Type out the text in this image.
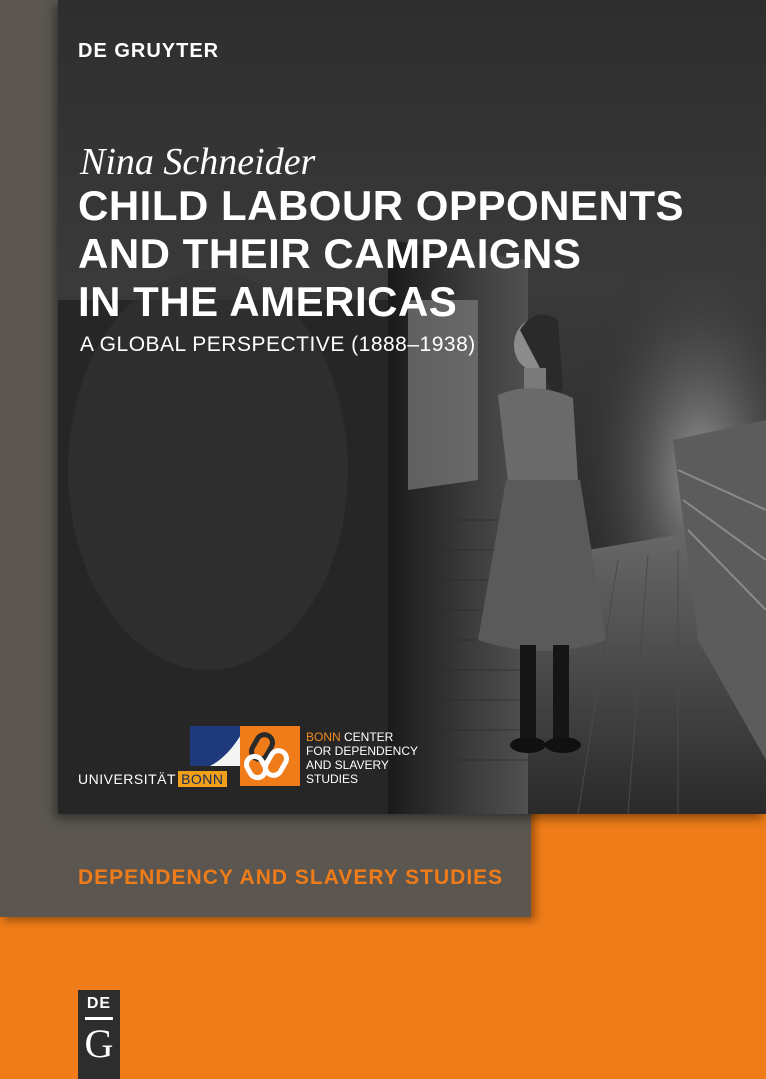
DE GRUYTER
Nina Schneider
CHILD LABOUR OPPONENTS
AND THEIR CAMPAIGNS
IN THE AMERICAS
A GLOBAL PERSPECTIVE (1888–1938)
UNIVERSITÄT BONN
BONN CENTER
FOR DEPENDENCY
AND SLAVERY
STUDIES
DEPENDENCY AND SLAVERY STUDIES
DE
G
